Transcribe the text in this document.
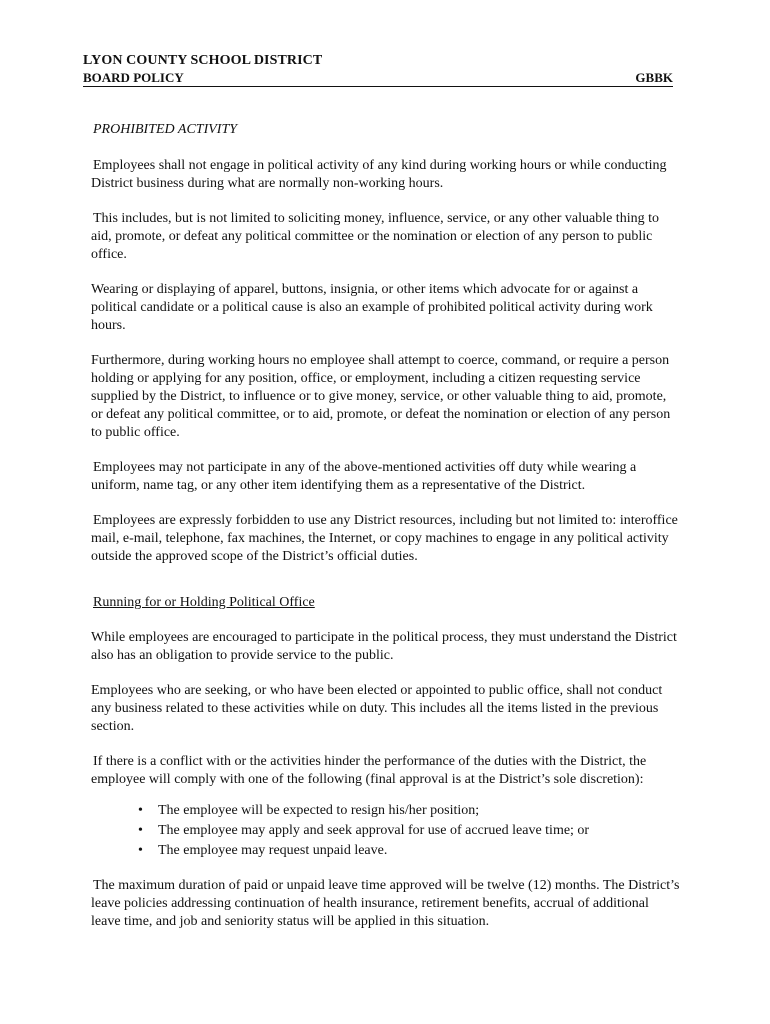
LYON COUNTY SCHOOL DISTRICT
BOARD POLICY	GBBK
PROHIBITED ACTIVITY

Employees shall not engage in political activity of any kind during working hours or while conducting District business during what are normally non-working hours.

This includes, but is not limited to soliciting money, influence, service, or any other valuable thing to aid, promote, or defeat any political committee or the nomination or election of any person to public office.

Wearing or displaying of apparel, buttons, insignia, or other items which advocate for or against a political candidate or a political cause is also an example of prohibited political activity during work hours.

Furthermore, during working hours no employee shall attempt to coerce, command, or require a person holding or applying for any position, office, or employment, including a citizen requesting service supplied by the District, to influence or to give money, service, or other valuable thing to aid, promote, or defeat any political committee, or to aid, promote, or defeat the nomination or election of any person to public office.

Employees may not participate in any of the above-mentioned activities off duty while wearing a uniform, name tag, or any other item identifying them as a representative of the District.

Employees are expressly forbidden to use any District resources, including but not limited to: interoffice mail, e-mail, telephone, fax machines, the Internet, or copy machines to engage in any political activity outside the approved scope of the District’s official duties.

Running for or Holding Political Office

While employees are encouraged to participate in the political process, they must understand the District also has an obligation to provide service to the public.

Employees who are seeking, or who have been elected or appointed to public office, shall not conduct any business related to these activities while on duty. This includes all the items listed in the previous section.

If there is a conflict with or the activities hinder the performance of the duties with the District, the employee will comply with one of the following (final approval is at the District’s sole discretion):

• The employee will be expected to resign his/her position;
• The employee may apply and seek approval for use of accrued leave time; or
• The employee may request unpaid leave.

The maximum duration of paid or unpaid leave time approved will be twelve (12) months. The District’s leave policies addressing continuation of health insurance, retirement benefits, accrual of additional leave time, and job and seniority status will be applied in this situation.
